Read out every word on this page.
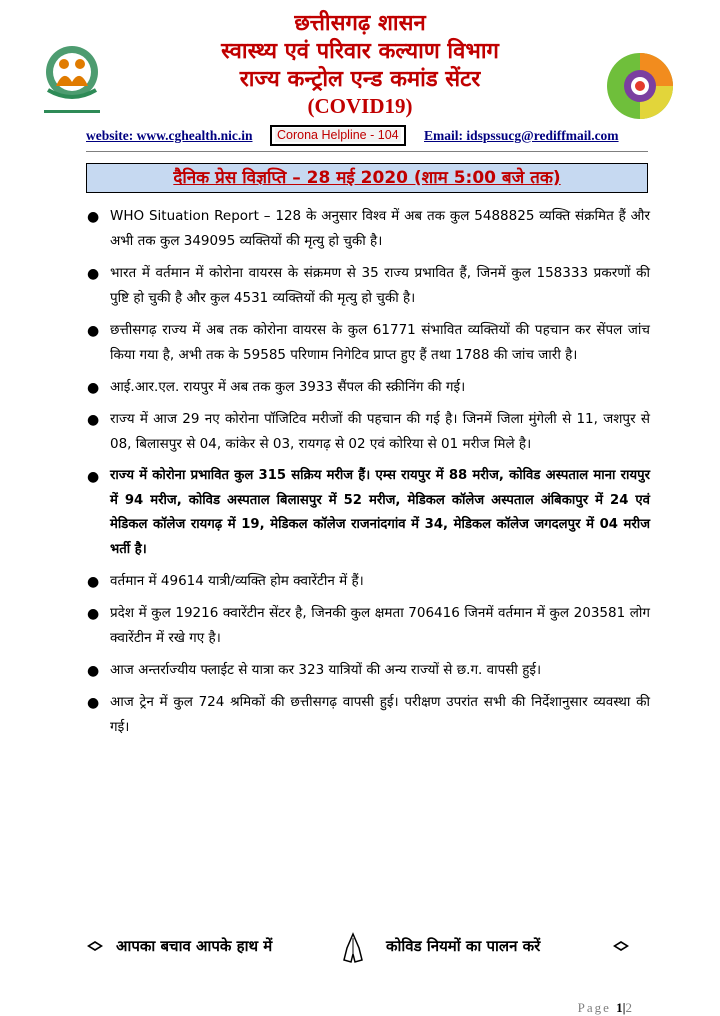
छत्तीसगढ़ शासन
स्वास्थ्य एवं परिवार कल्याण विभाग
राज्य कन्ट्रोल एन्ड कमांड सेंटर
(COVID19)
website: www.cghealth.nic.in	Corona Helpline - 104	Email: idspssucg@rediffmail.com
दैनिक प्रेस विज्ञप्ति – 28 मई 2020 (शाम 5:00 बजे तक)
● WHO Situation Report – 128 के अनुसार विश्व में अब तक कुल 5488825 व्यक्ति संक्रमित हैं और अभी तक कुल 349095 व्यक्तियों की मृत्यु हो चुकी है।
● भारत में वर्तमान में कोरोना वायरस के संक्रमण से 35 राज्य प्रभावित हैं, जिनमें कुल 158333 प्रकरणों की पुष्टि हो चुकी है और कुल 4531 व्यक्तियों की मृत्यु हो चुकी है।
● छत्तीसगढ़ राज्य में अब तक कोरोना वायरस के कुल 61771 संभावित व्यक्तियों की पहचान कर सेंपल जांच किया गया है, अभी तक के 59585 परिणाम निगेटिव प्राप्त हुए हैं तथा 1788 की जांच जारी है।
● आई.आर.एल. रायपुर में अब तक कुल 3933 सैंपल की स्क्रीनिंग की गई।
● राज्य में आज 29 नए कोरोना पॉजिटिव मरीजों की पहचान की गई है। जिनमें जिला मुंगेली से 11, जशपुर से 08, बिलासपुर से 04, कांकेर से 03, रायगढ़ से 02 एवं कोरिया से 01 मरीज मिले है।
● राज्य में कोरोना प्रभावित कुल 315 सक्रिय मरीज हैं। एम्स रायपुर में 88 मरीज, कोविड अस्पताल माना रायपुर में 94 मरीज, कोविड अस्पताल बिलासपुर में 52 मरीज, मेडिकल कॉलेज अस्पताल अंबिकापुर में 24 एवं मेडिकल कॉलेज रायगढ़ में 19, मेडिकल कॉलेज राजनांदगांव में 34, मेडिकल कॉलेज जगदलपुर में 04 मरीज भर्ती है।
● वर्तमान में 49614 यात्री/व्यक्ति होम क्वारेंटीन में हैं।
● प्रदेश में कुल 19216 क्वारेंटीन सेंटर है, जिनकी कुल क्षमता 706416 जिनमें वर्तमान में कुल 203581 लोग क्वारेंटीन में रखे गए है।
● आज अन्तर्राज्यीय फ्लाईट से यात्रा कर 323 यात्रियों की अन्य राज्यों से छ.ग. वापसी हुई।
● आज ट्रेन में कुल 724 श्रमिकों की छत्तीसगढ़ वापसी हुई। परीक्षण उपरांत सभी की निर्देशानुसार व्यवस्था की गई।
आपका बचाव आपके हाथ में	कोविड नियमों का पालन करें
Page 1|2
